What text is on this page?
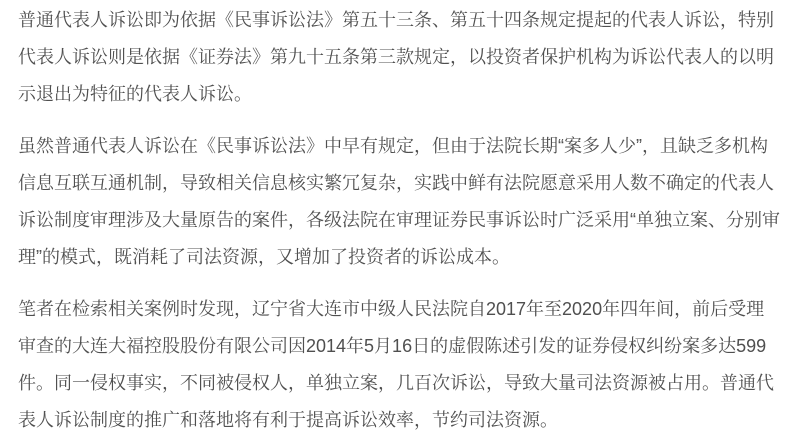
普通代表人诉讼即为依据《民事诉讼法》第五十三条、第五十四条规定提起的代表人诉讼，特别
代表人诉讼则是依据《证券法》第九十五条第三款规定，以投资者保护机构为诉讼代表人的以明
示退出为特征的代表人诉讼。
虽然普通代表人诉讼在《民事诉讼法》中早有规定，但由于法院长期“案多人少”，且缺乏多机构
信息互联互通机制，导致相关信息核实繁冗复杂，实践中鲜有法院愿意采用人数不确定的代表人
诉讼制度审理涉及大量原告的案件，各级法院在审理证券民事诉讼时广泛采用“单独立案、分别审
理”的模式，既消耗了司法资源，又增加了投资者的诉讼成本。
笔者在检索相关案例时发现，辽宁省大连市中级人民法院自2017年至2020年四年间，前后受理
审查的大连大福控股股份有限公司因2014年5月16日的虚假陈述引发的证券侵权纠纷案多达599
件。同一侵权事实，不同被侵权人，单独立案，几百次诉讼，导致大量司法资源被占用。普通代
表人诉讼制度的推广和落地将有利于提高诉讼效率，节约司法资源。
